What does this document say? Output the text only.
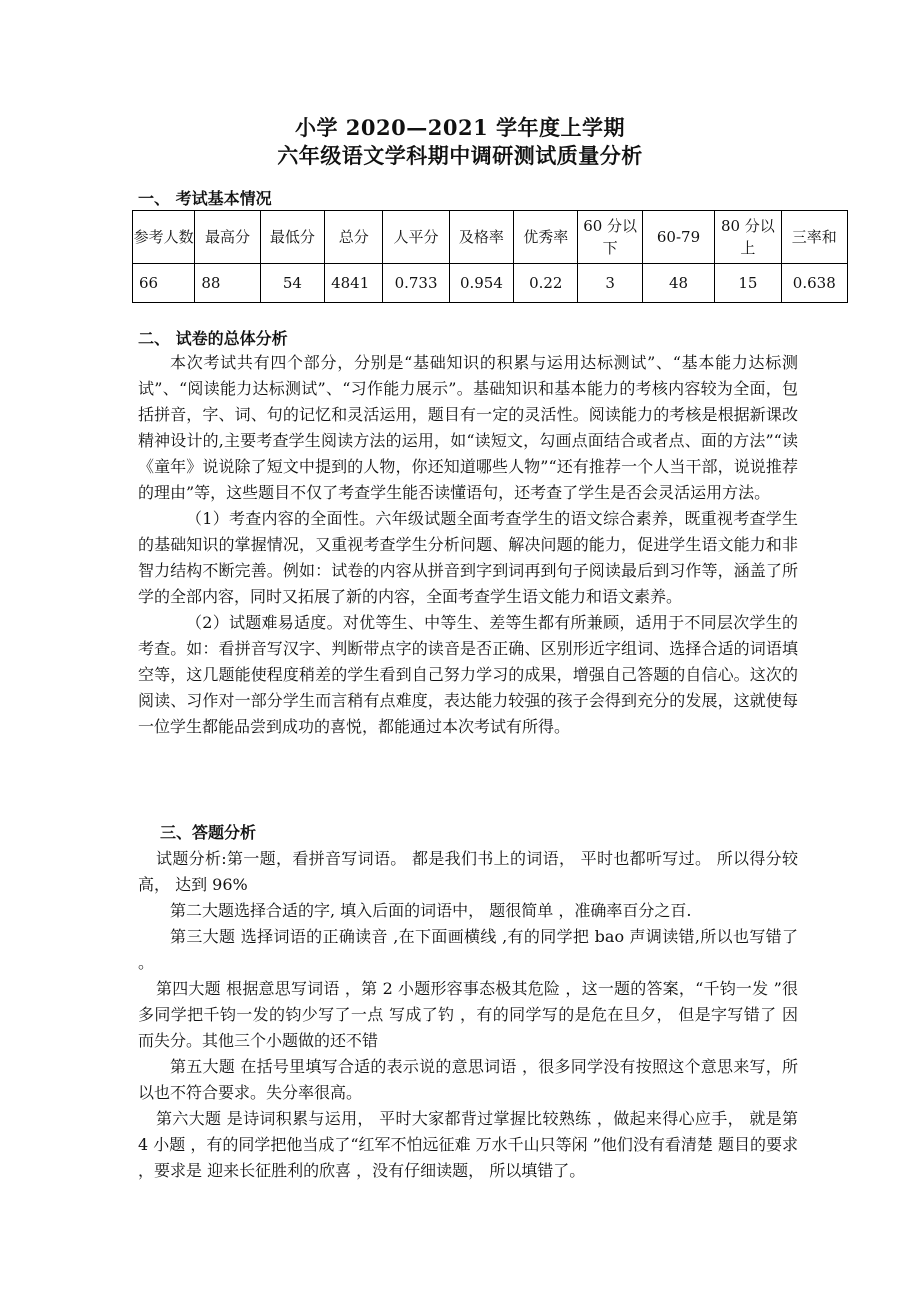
小学 2020—2021 学年度上学期
六年级语文学科期中调研测试质量分析
一、 考试基本情况
参考人数	最高分	最低分	总分	人平分	及格率	优秀率	60 分以下	60-79	80 分以上	三率和
66	88	54	4841	0.733	0.954	0.22	3	48	15	0.638
二、 试卷的总体分析

本次考试共有四个部分，分别是“基础知识的积累与运用达标测试”、“基本能力达标测试”、“阅读能力达标测试”、“习作能力展示”。基础知识和基本能力的考核内容较为全面，包括拼音，字、词、句的记忆和灵活运用，题目有一定的灵活性。阅读能力的考核是根据新课改精神设计的,主要考查学生阅读方法的运用，如“读短文，勾画点面结合或者点、面的方法”“读《童年》说说除了短文中提到的人物，你还知道哪些人物”“还有推荐一个人当干部，说说推荐的理由”等，这些题目不仅了考查学生能否读懂语句，还考查了学生是否会灵活运用方法。

（1）考查内容的全面性。六年级试题全面考查学生的语文综合素养，既重视考查学生的基础知识的掌握情况，又重视考查学生分析问题、解决问题的能力，促进学生语文能力和非智力结构不断完善。例如：试卷的内容从拼音到字到词再到句子阅读最后到习作等，涵盖了所学的全部内容，同时又拓展了新的内容，全面考查学生语文能力和语文素养。

（2）试题难易适度。对优等生、中等生、差等生都有所兼顾，适用于不同层次学生的考查。如：看拼音写汉字、判断带点字的读音是否正确、区别形近字组词、选择合适的词语填空等，这几题能使程度稍差的学生看到自己努力学习的成果，增强自己答题的自信心。这次的阅读、习作对一部分学生而言稍有点难度，表达能力较强的孩子会得到充分的发展，这就使每一位学生都能品尝到成功的喜悦，都能通过本次考试有所得。

三、答题分析

试题分析:第一题，看拼音写词语。 都是我们书上的词语， 平时也都听写过。 所以得分较高， 达到 96%

第二大题选择合适的字, 填入后面的词语中， 题很简单 ，准确率百分之百.

第三大题 选择词语的正确读音 ,在下面画横线 ,有的同学把 bao 声调读错,所以也写错了 。

第四大题 根据意思写词语 ，第 2 小题形容事态极其危险 ，这一题的答案，“千钧一发 ”很多同学把千钧一发的钧少写了一点 写成了钓 ，有的同学写的是危在旦夕， 但是字写错了 因而失分。其他三个小题做的还不错

第五大题 在括号里填写合适的表示说的意思词语 ，很多同学没有按照这个意思来写，所以也不符合要求。失分率很高。

第六大题 是诗词积累与运用， 平时大家都背过掌握比较熟练 ，做起来得心应手， 就是第 4 小题 ，有的同学把他当成了“红军不怕远征难 万水千山只等闲 ”他们没有看清楚 题目的要求 ，要求是 迎来长征胜利的欣喜 ，没有仔细读题， 所以填错了。
